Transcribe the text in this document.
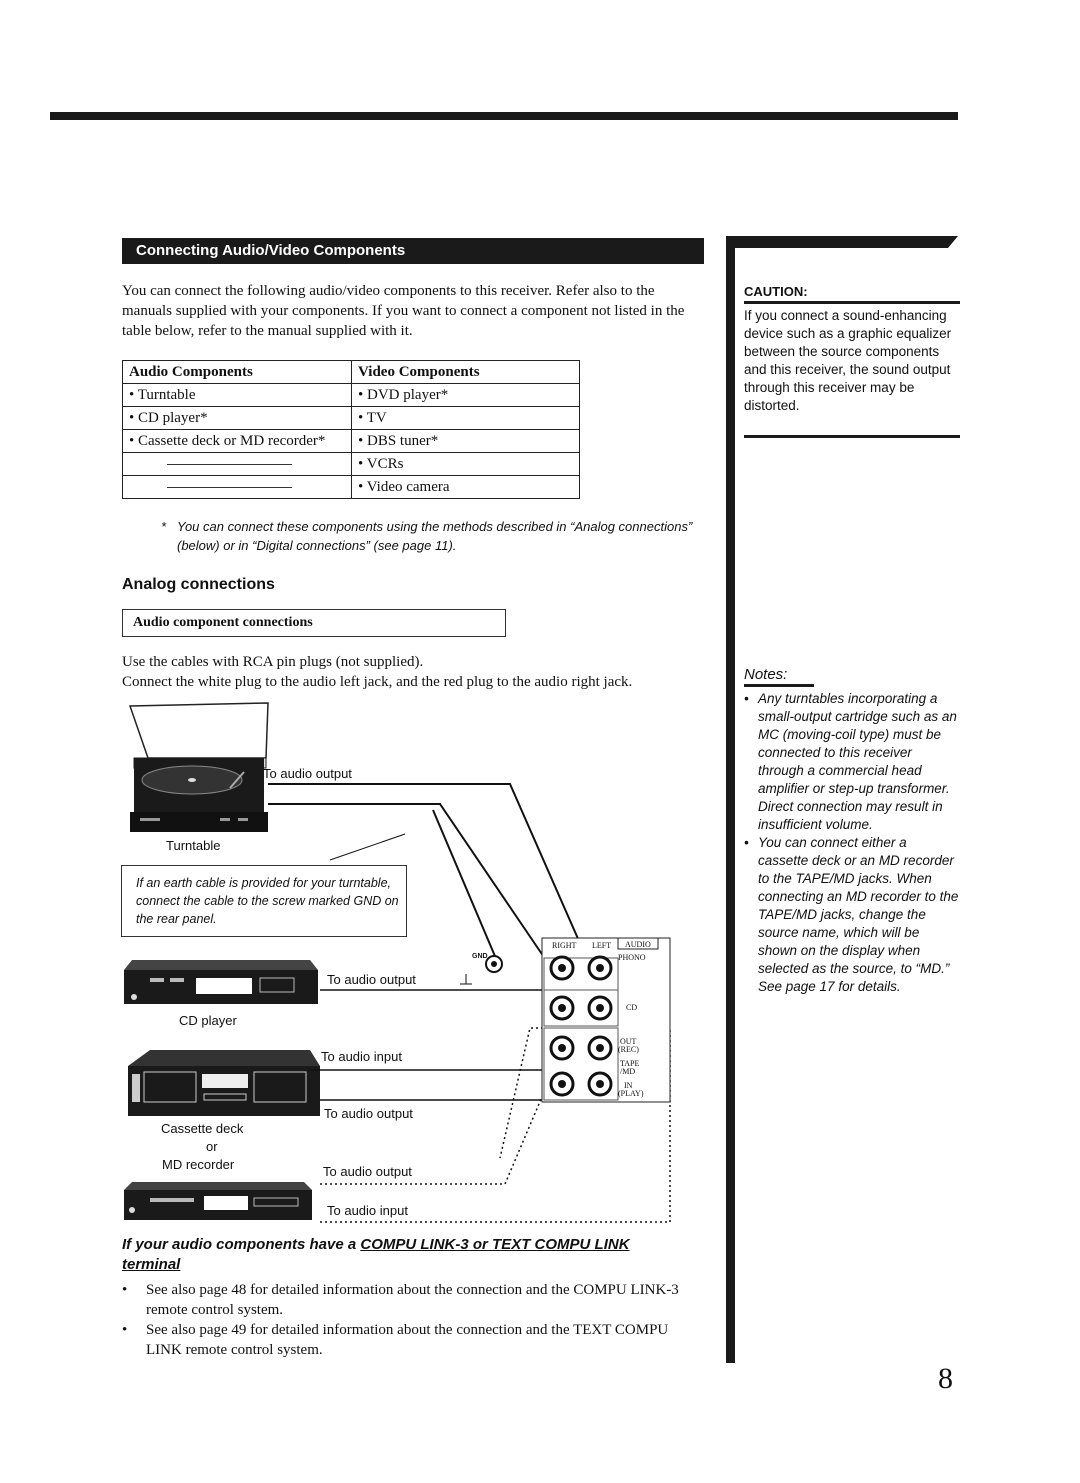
Connecting Audio/Video Components
You can connect the following audio/video components to this receiver. Refer also to the manuals supplied with your components. If you want to connect a component not listed in the table below, refer to the manual supplied with it.
Audio Components	Video Components
• Turntable	• DVD player*
• CD player*	• TV
• Cassette deck or MD recorder*	• DBS tuner*
	• VCRs
	• Video camera
* You can connect these components using the methods described in “Analog connections” (below) or in “Digital connections” (see page 11).
Analog connections
Audio component connections
Use the cables with RCA pin plugs (not supplied).
Connect the white plug to the audio left jack, and the red plug to the audio right jack.
GND
RIGHT LEFT AUDIO
PHONO
CD
OUT
(REC)
TAPE
/MD
IN
(PLAY)
To audio output
Turntable
If an earth cable is provided for your turntable, connect the cable to the screw marked GND on the rear panel.
To audio output
CD player
To audio input
To audio output
Cassette deck
or
MD recorder	To audio output
To audio input
If your audio components have a COMPU LINK-3 or TEXT COMPU LINK terminal
• See also page 48 for detailed information about the connection and the COMPU LINK-3 remote control system.
• See also page 49 for detailed information about the connection and the TEXT COMPU LINK remote control system.
CAUTION:
If you connect a sound-enhancing device such as a graphic equalizer between the source components and this receiver, the sound output through this receiver may be distorted.
Notes:
• Any turntables incorporating a small-output cartridge such as an MC (moving-coil type) must be connected to this receiver through a commercial head amplifier or step-up transformer. Direct connection may result in insufficient volume.
• You can connect either a cassette deck or an MD recorder to the TAPE/MD jacks. When connecting an MD recorder to the TAPE/MD jacks, change the source name, which will be shown on the display when selected as the source, to “MD.” See page 17 for details.
8
